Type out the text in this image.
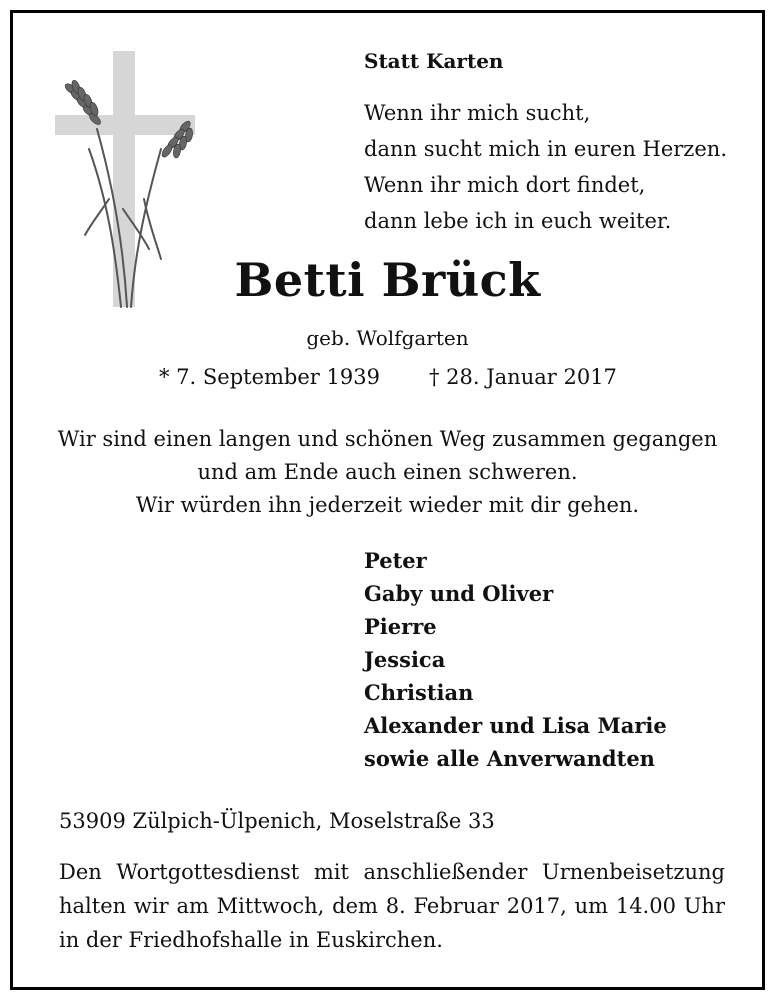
Statt Karten
Wenn ihr mich sucht,
dann sucht mich in euren Herzen.
Wenn ihr mich dort findet,
dann lebe ich in euch weiter.
Betti Brück
geb. Wolfgarten
* 7. September 1939 † 28. Januar 2017
Wir sind einen langen und schönen Weg zusammen gegangen
und am Ende auch einen schweren.
Wir würden ihn jederzeit wieder mit dir gehen.
Peter
Gaby und Oliver
Pierre
Jessica
Christian
Alexander und Lisa Marie
sowie alle Anverwandten
53909 Zülpich-Ülpenich, Moselstraße 33
Den Wortgottesdienst mit anschließender Urnenbeisetzung
halten wir am Mittwoch, dem 8. Februar 2017, um 14.00 Uhr
in der Friedhofshalle in Euskirchen.
